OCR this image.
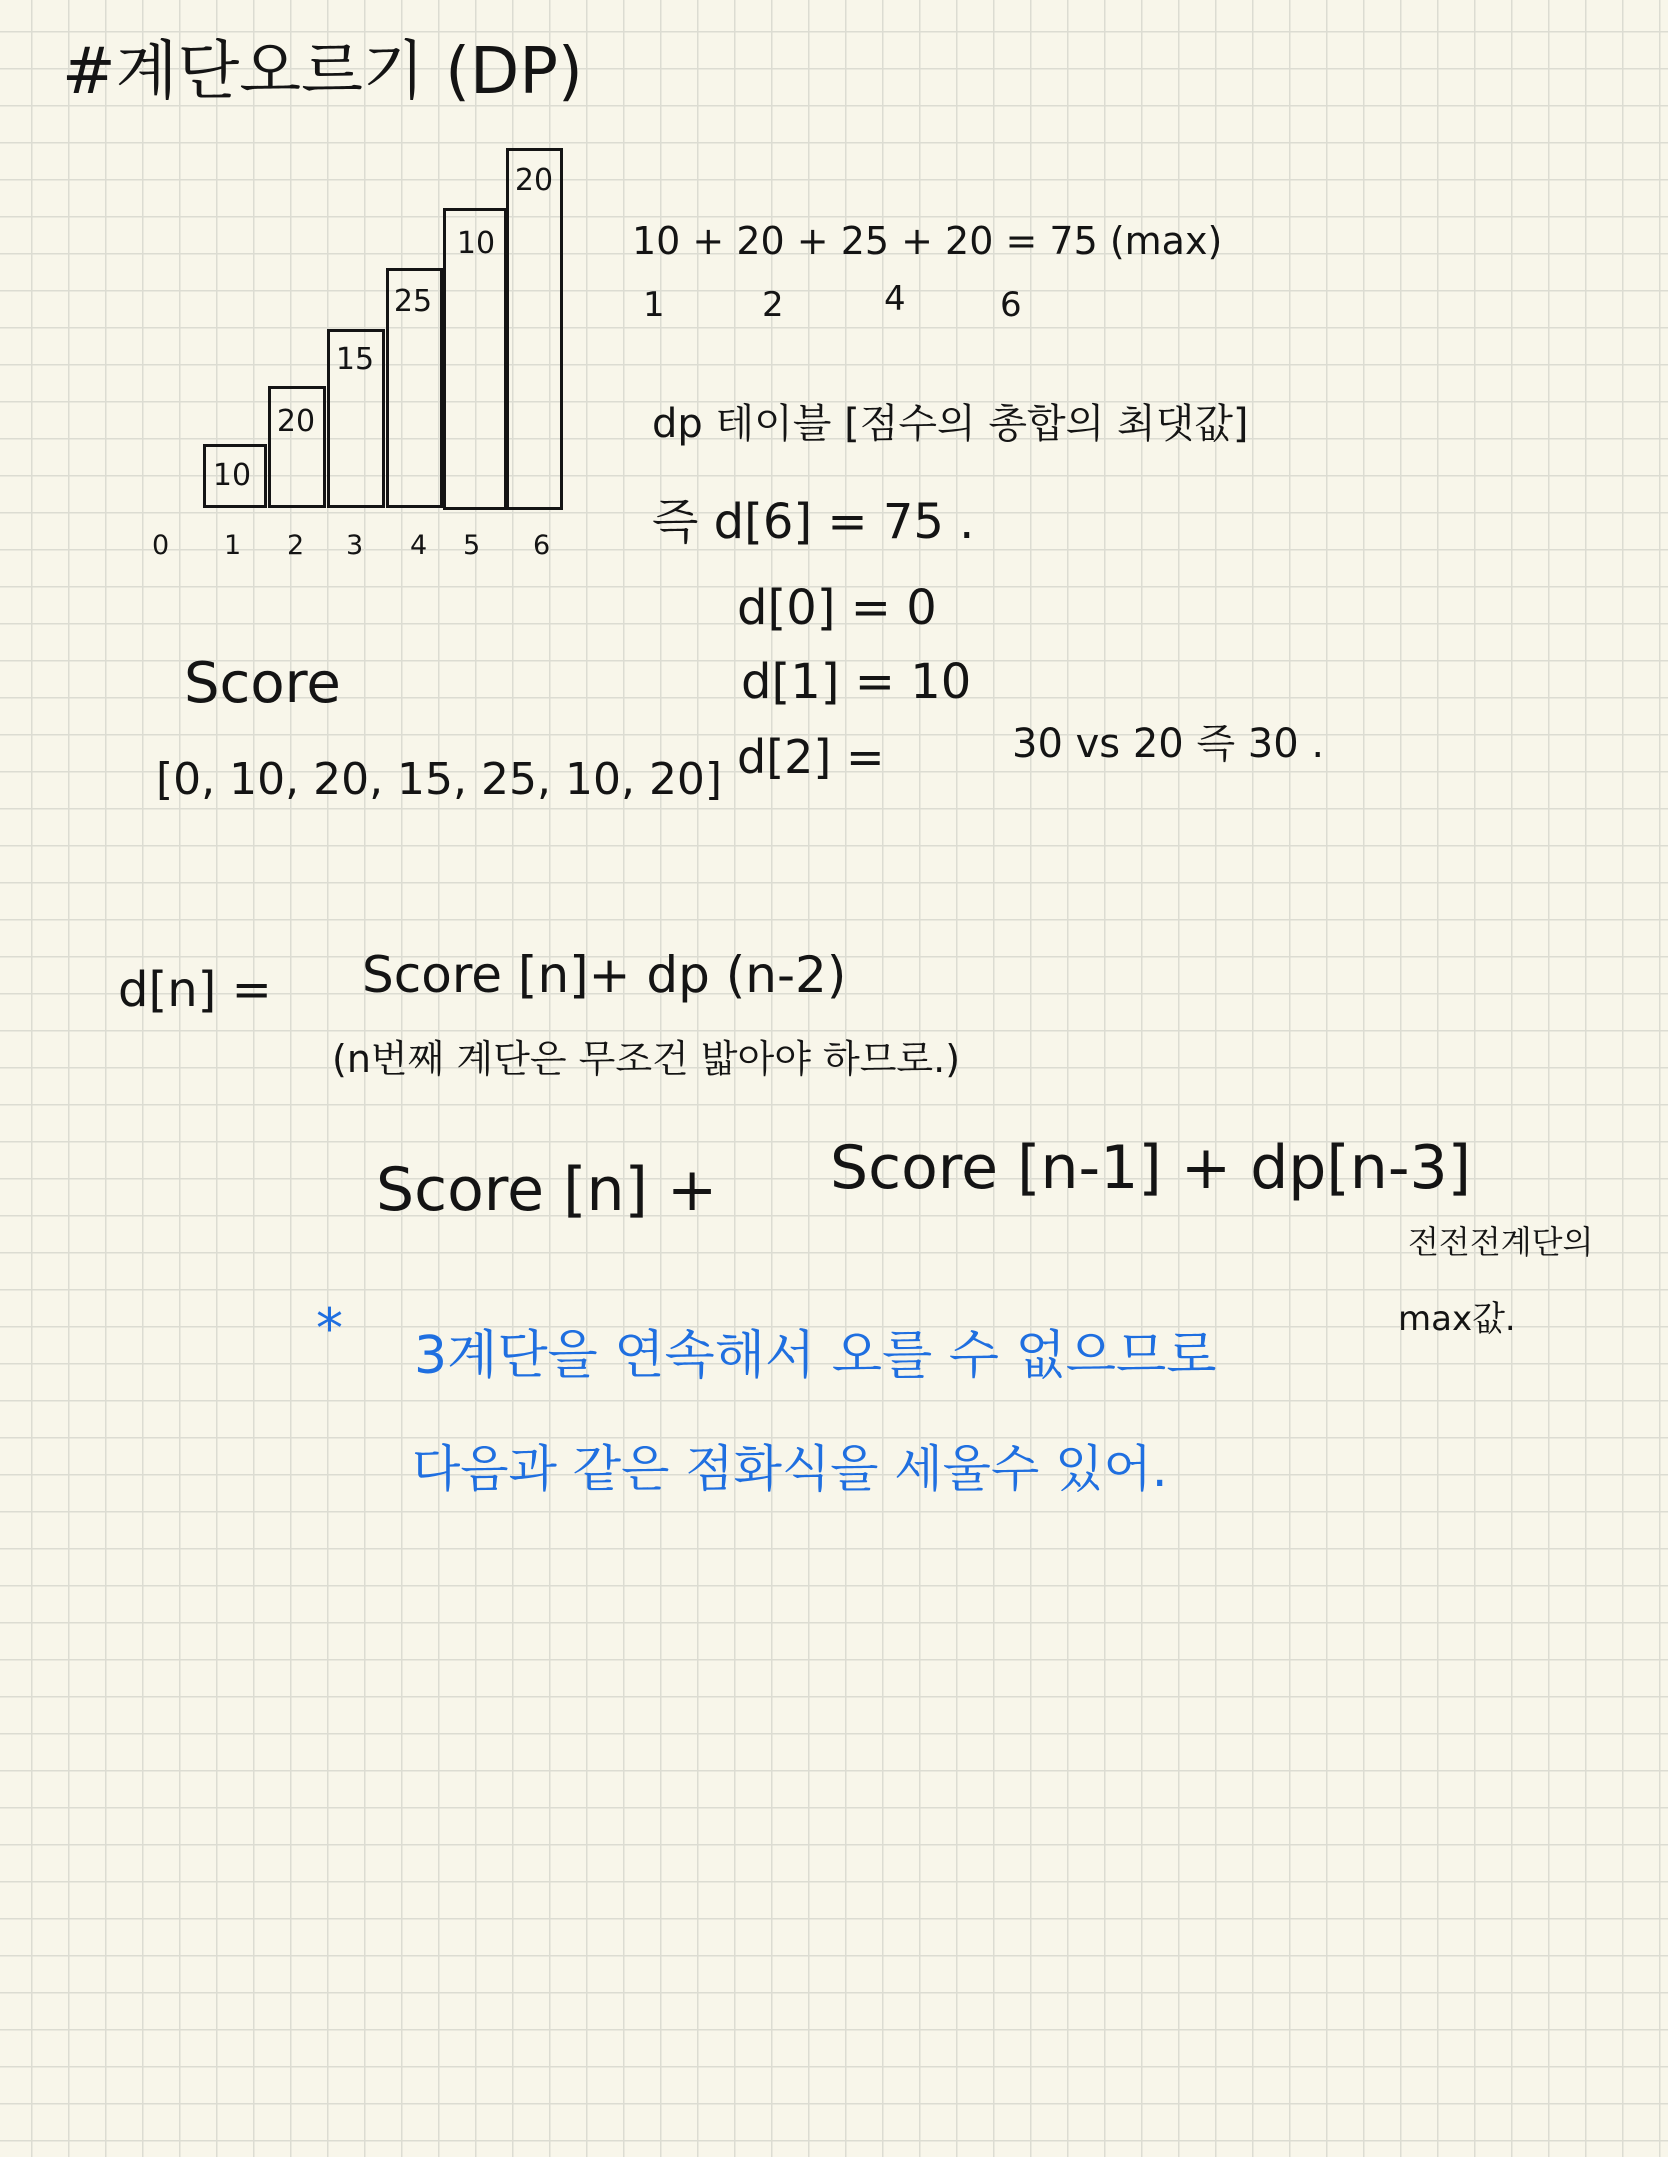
#계단오르기 (DP)
10
20
15
25
10
20
0 1 2 3 4 5 6
10 + 20 + 25 + 20 = 75 (max)
1	2	4	6
dp 테이블 [점수의 총합의 최댓값]
즉 d[6] = 75 .
d[0] = 0
d[1] = 10
d[2] =	30 vs 20 즉 30 .
Score
[0, 10, 20, 15, 25, 10, 20]
d[n] = Score [n]+ dp (n-2)
(n번째 계단은 무조건 밟아야 하므로.)
Score [n] + Score [n-1] + dp[n-3]
전전전계단의
max값.
* 3계단을 연속해서 오를 수 없으므로
다음과 같은 점화식을 세울수 있어.
